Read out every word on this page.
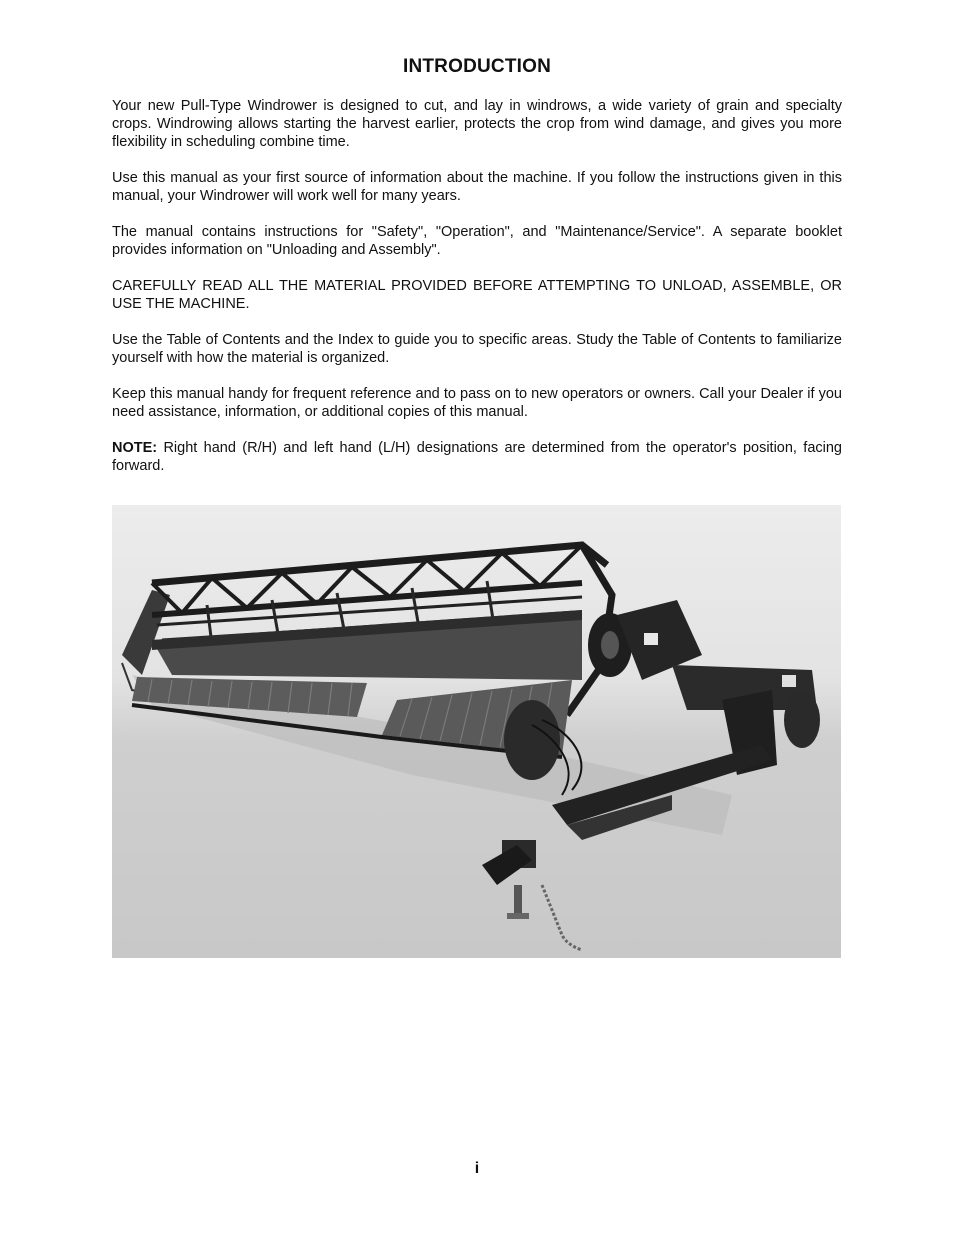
INTRODUCTION

Your new Pull-Type Windrower is designed to cut, and lay in windrows, a wide variety of grain and specialty crops. Windrowing allows starting the harvest earlier, protects the crop from wind damage, and gives you more flexibility in scheduling combine time.

Use this manual as your first source of information about the machine. If you follow the instructions given in this manual, your Windrower will work well for many years.

The manual contains instructions for "Safety", "Operation", and "Maintenance/Service". A separate booklet provides information on "Unloading and Assembly".

CAREFULLY READ ALL THE MATERIAL PROVIDED BEFORE ATTEMPTING TO UNLOAD, ASSEMBLE, OR USE THE MACHINE.

Use the Table of Contents and the Index to guide you to specific areas. Study the Table of Contents to familiarize yourself with how the material is organized.

Keep this manual handy for frequent reference and to pass on to new operators or owners. Call your Dealer if you need assistance, information, or additional copies of this manual.

NOTE: Right hand (R/H) and left hand (L/H) designations are determined from the operator's position, facing forward.

i
